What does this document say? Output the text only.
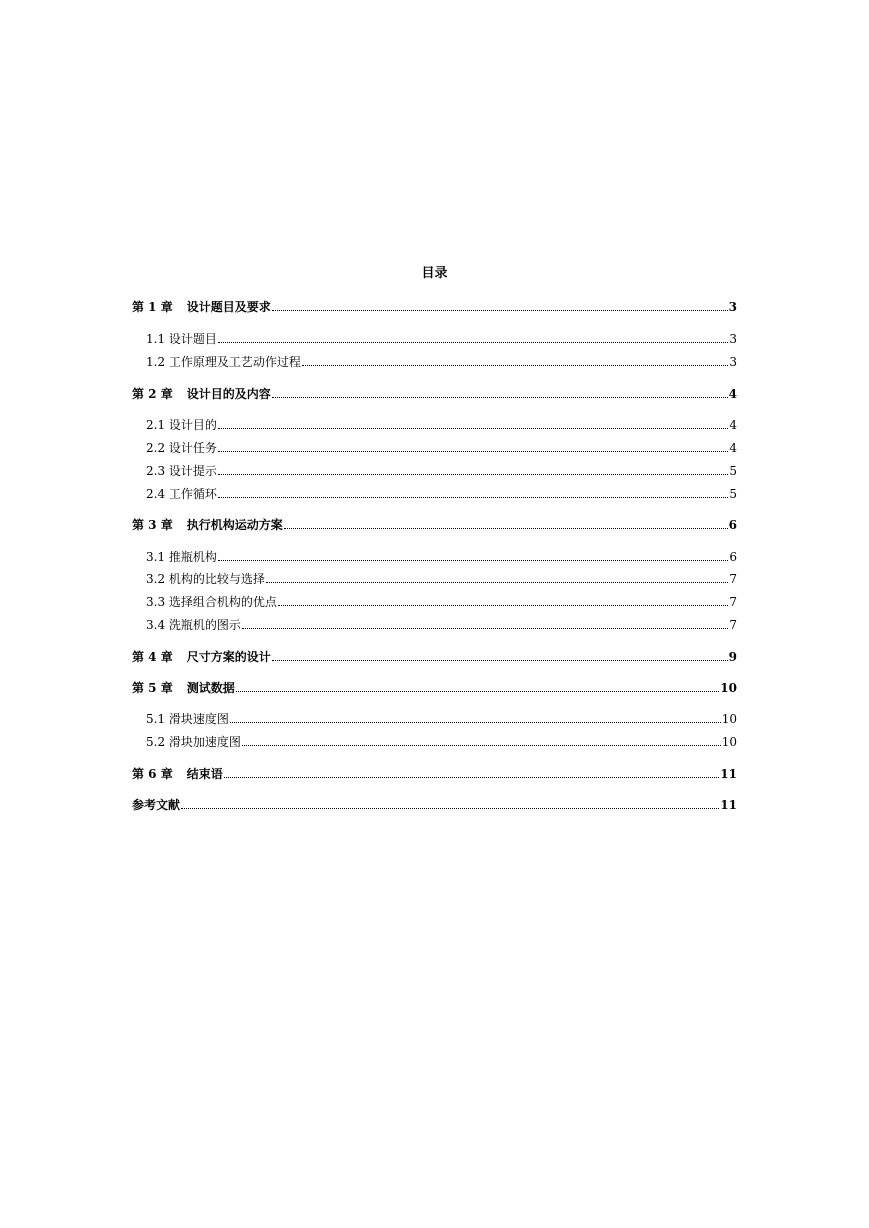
目录
第 1 章 设计题目及要求	3
1.1 设计题目	3
1.2 工作原理及工艺动作过程	3
第 2 章 设计目的及内容	4
2.1 设计目的	4
2.2 设计任务	4
2.3 设计提示	5
2.4 工作循环	5
第 3 章 执行机构运动方案	6
3.1 推瓶机构	6
3.2 机构的比较与选择	7
3.3 选择组合机构的优点	7
3.4 洗瓶机的图示	7
第 4 章 尺寸方案的设计	9
第 5 章 测试数据	10
5.1 滑块速度图	10
5.2 滑块加速度图	10
第 6 章 结束语	11
参考文献	11
